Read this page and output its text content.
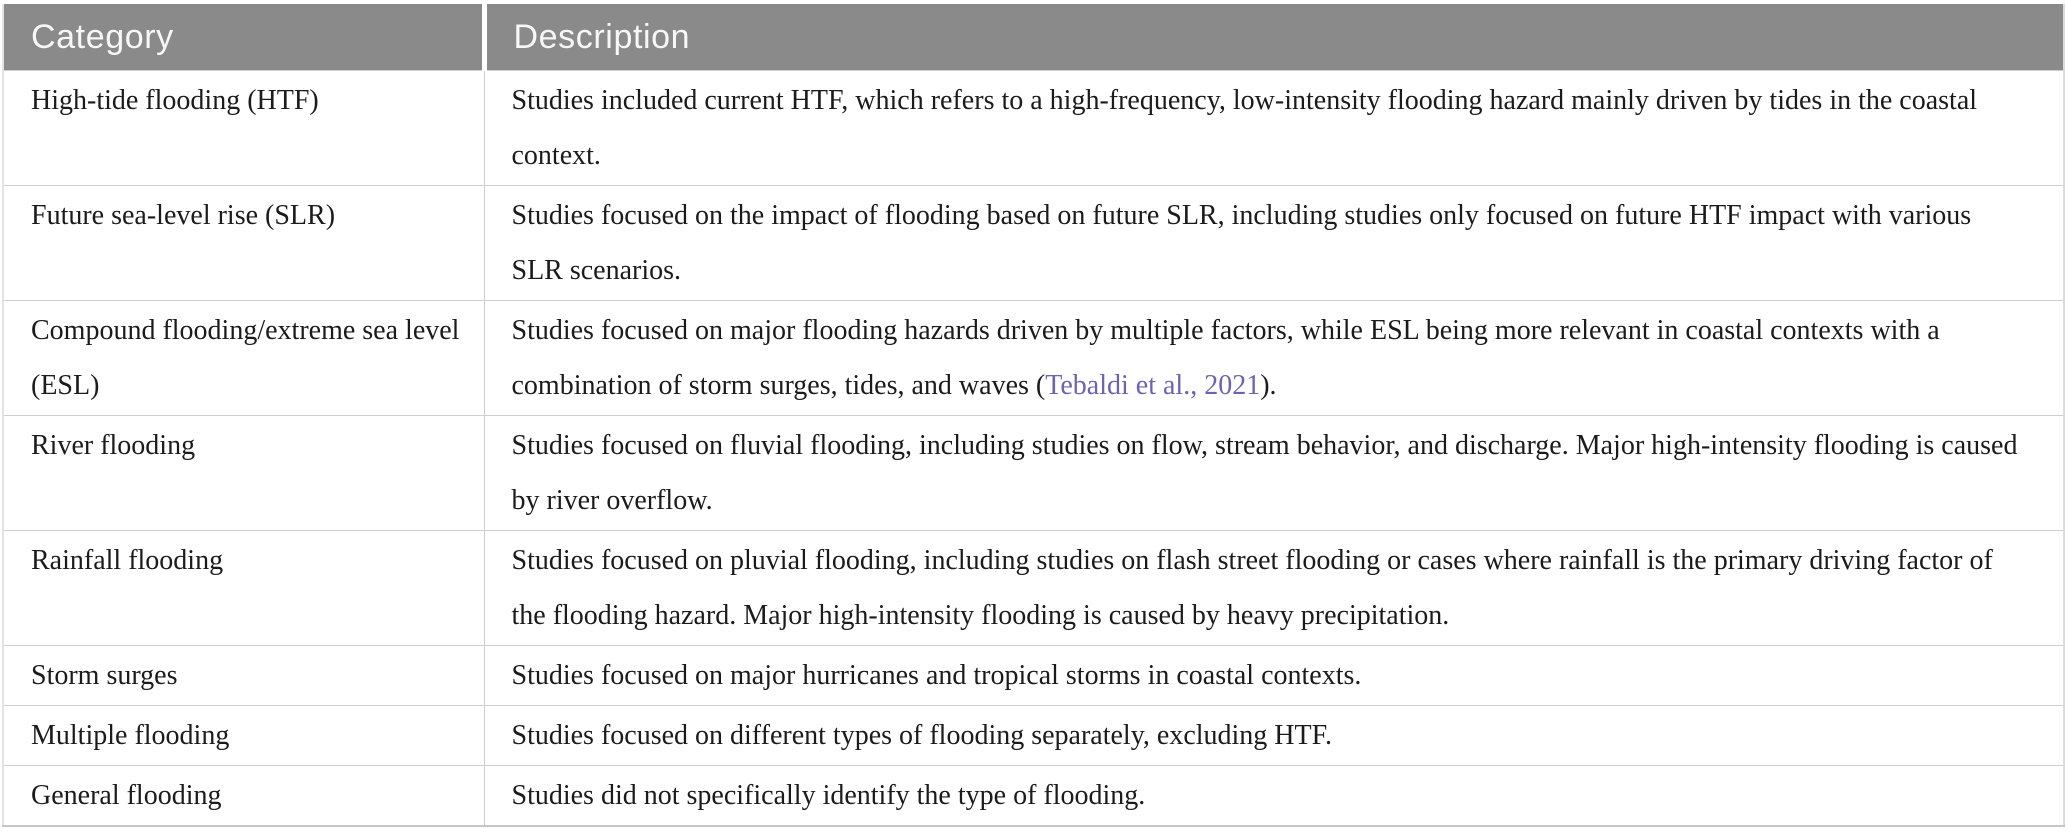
Category	Description
High-tide flooding (HTF)	Studies included current HTF, which refers to a high-frequency, low-intensity flooding hazard mainly driven by tides in the coastal context.
Future sea-level rise (SLR)	Studies focused on the impact of flooding based on future SLR, including studies only focused on future HTF impact with various SLR scenarios.
Compound flooding/extreme sea level (ESL)	Studies focused on major flooding hazards driven by multiple factors, while ESL being more relevant in coastal contexts with a combination of storm surges, tides, and waves (Tebaldi et al., 2021).
River flooding	Studies focused on fluvial flooding, including studies on flow, stream behavior, and discharge. Major high-intensity flooding is caused by river overflow.
Rainfall flooding	Studies focused on pluvial flooding, including studies on flash street flooding or cases where rainfall is the primary driving factor of the flooding hazard. Major high-intensity flooding is caused by heavy precipitation.
Storm surges	Studies focused on major hurricanes and tropical storms in coastal contexts.
Multiple flooding	Studies focused on different types of flooding separately, excluding HTF.
General flooding	Studies did not specifically identify the type of flooding.
